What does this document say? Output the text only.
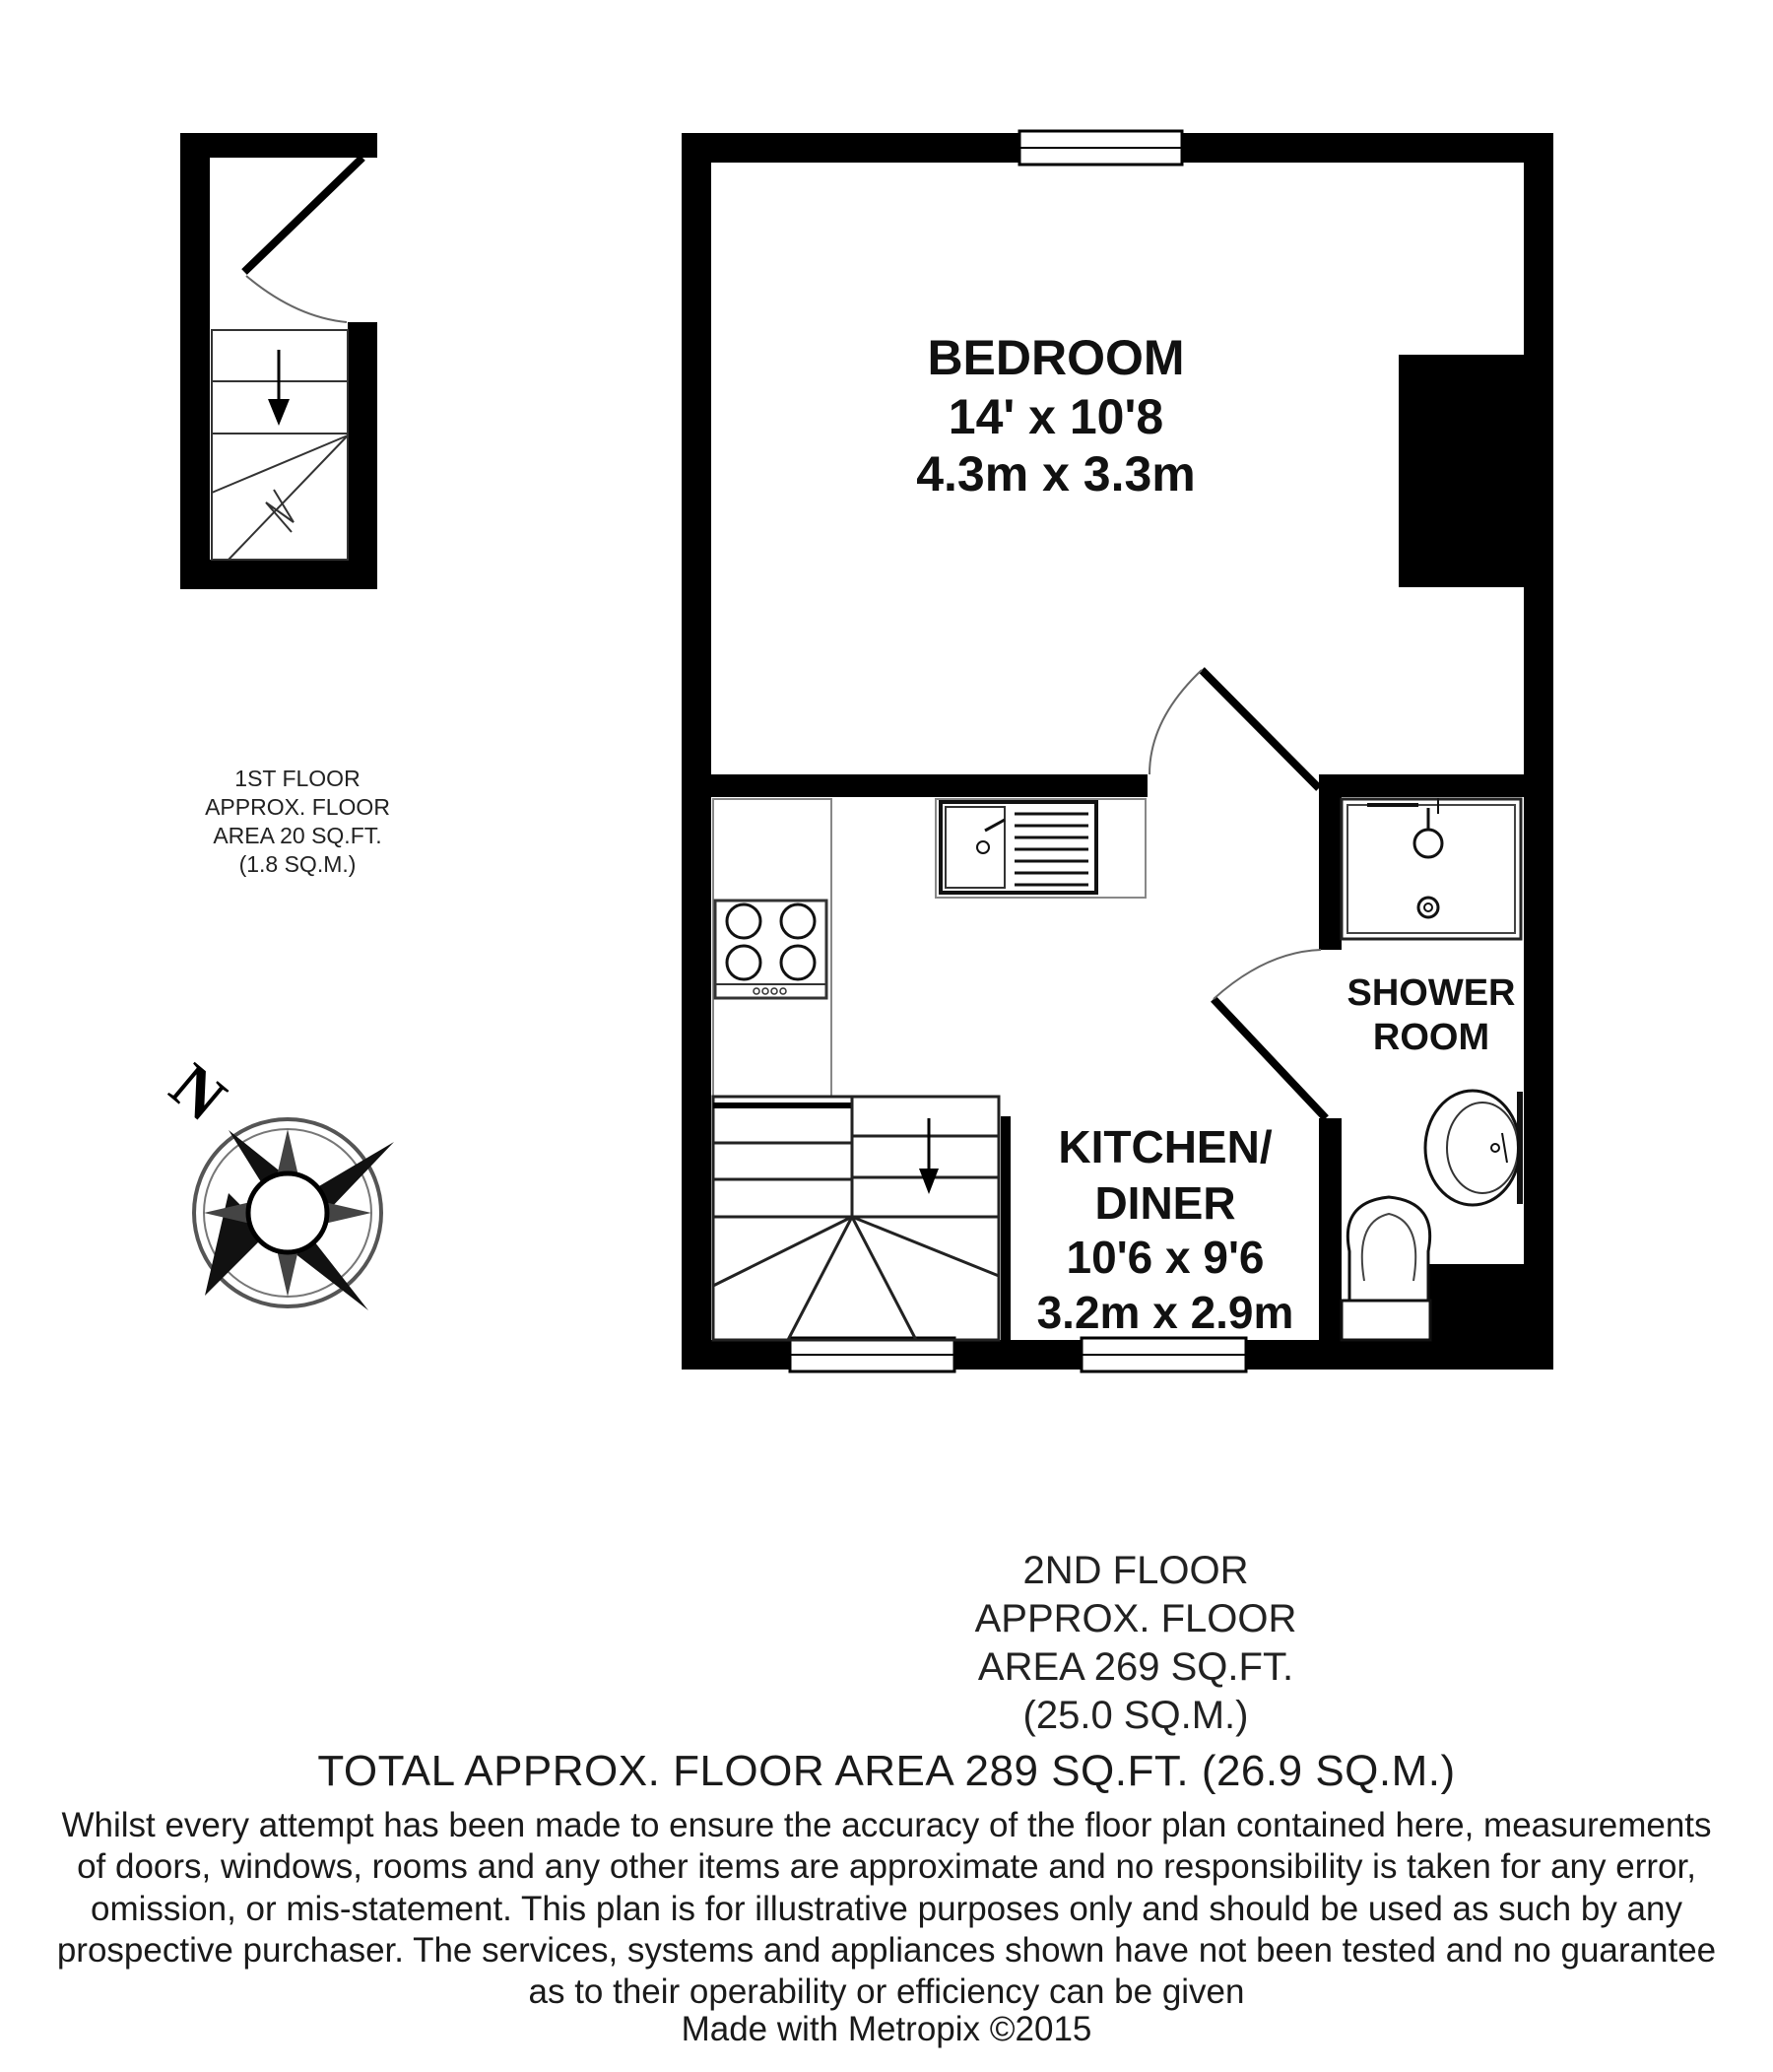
1ST FLOOR
APPROX. FLOOR
AREA 20 SQ.FT.
(1.8 SQ.M.)
N
BEDROOM
14' x 10'8
4.3m x 3.3m
SHOWER
ROOM
KITCHEN/
DINER
10'6 x 9'6
3.2m x 2.9m
2ND FLOOR
APPROX. FLOOR
AREA 269 SQ.FT.
(25.0 SQ.M.)
TOTAL APPROX. FLOOR AREA 289 SQ.FT. (26.9 SQ.M.)
Whilst every attempt has been made to ensure the accuracy of the floor plan contained here, measurements
of doors, windows, rooms and any other items are approximate and no responsibility is taken for any error,
omission, or mis-statement. This plan is for illustrative purposes only and should be used as such by any
prospective purchaser. The services, systems and appliances shown have not been tested and no guarantee
as to their operability or efficiency can be given
Made with Metropix ©2015
